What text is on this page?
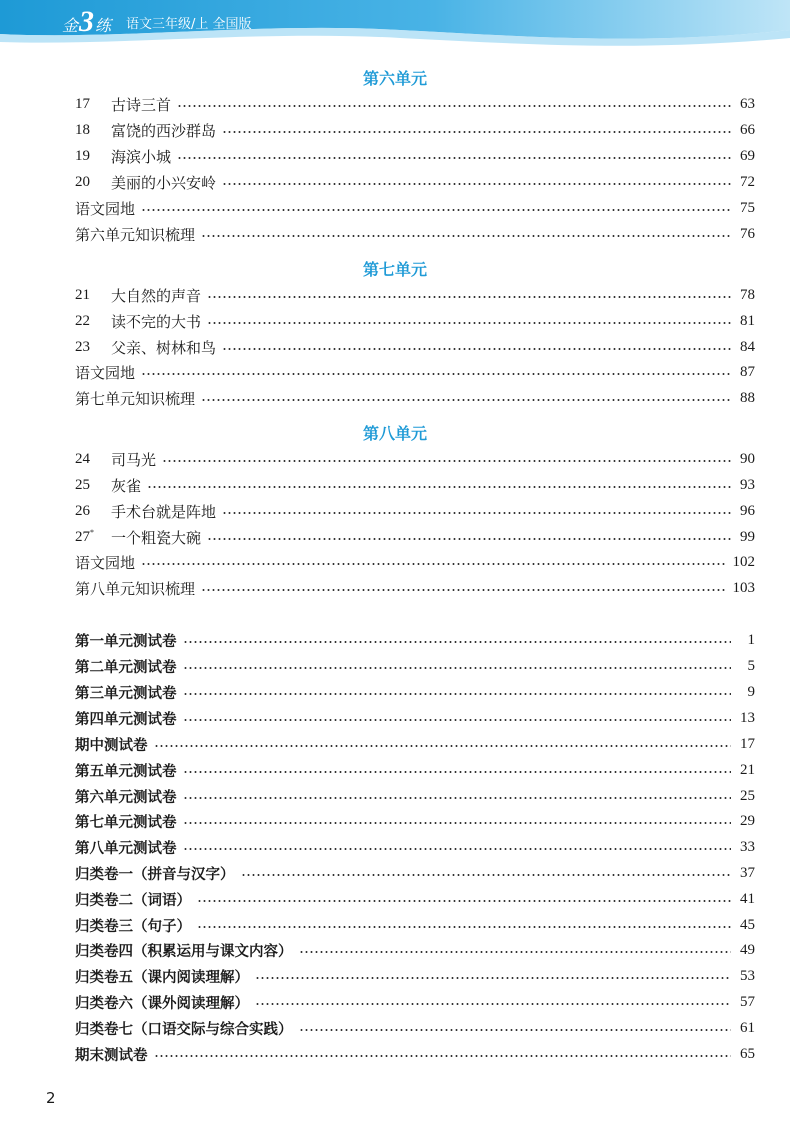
金 3 练 语文三年级/上 全国版
第六单元
17	古诗三首	63
18	富饶的西沙群岛	66
19	海滨小城	69
20	美丽的小兴安岭	72
语文园地	75
第六单元知识梳理	76
第七单元
21	大自然的声音	78
22	读不完的大书	81
23	父亲、树林和鸟	84
语文园地	87
第七单元知识梳理	88
第八单元
24	司马光	90
25	灰雀	93
26	手术台就是阵地	96
27*	一个粗瓷大碗	99
语文园地	102
第八单元知识梳理	103
第一单元测试卷	1
第二单元测试卷	5
第三单元测试卷	9
第四单元测试卷	13
期中测试卷	17
第五单元测试卷	21
第六单元测试卷	25
第七单元测试卷	29
第八单元测试卷	33
归类卷一（拼音与汉字）	37
归类卷二（词语）	41
归类卷三（句子）	45
归类卷四（积累运用与课文内容）	49
归类卷五（课内阅读理解）	53
归类卷六（课外阅读理解）	57
归类卷七（口语交际与综合实践）	61
期末测试卷	65
2
